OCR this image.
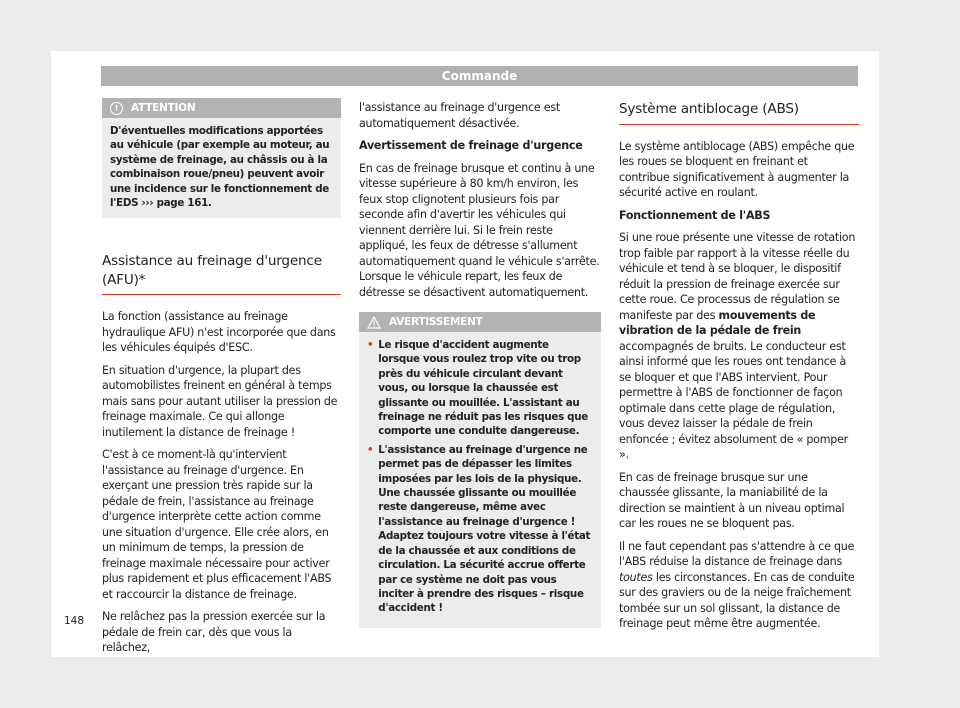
Commande
!	ATTENTION
D'éventuelles modifications apportées au véhicule (par exemple au moteur, au système de freinage, au châssis ou à la combinaison roue/pneu) peuvent avoir une incidence sur le fonctionnement de l'EDS ››› page 161.
Assistance au freinage d'urgence (AFU)*

La fonction (assistance au freinage hydraulique AFU) n'est incorporée que dans les véhicules équipés d'ESC.

En situation d'urgence, la plupart des automobilistes freinent en général à temps mais sans pour autant utiliser la pression de freinage maximale. Ce qui allonge inutilement la distance de freinage !

C'est à ce moment-là qu'intervient l'assistance au freinage d'urgence. En exerçant une pression très rapide sur la pédale de frein, l'assistance au freinage d'urgence interprète cette action comme une situation d'urgence. Elle crée alors, en un minimum de temps, la pression de freinage maximale nécessaire pour activer plus rapidement et plus efficacement l'ABS et raccourcir la distance de freinage.

Ne relâchez pas la pression exercée sur la pédale de frein car, dès que vous la relâchez,

l'assistance au freinage d'urgence est automatiquement désactivée.

Avertissement de freinage d'urgence

En cas de freinage brusque et continu à une vitesse supérieure à 80 km/h environ, les feux stop clignotent plusieurs fois par seconde afin d'avertir les véhicules qui viennent derrière lui. Si le frein reste appliqué, les feux de détresse s'allument automatiquement quand le véhicule s'arrête. Lorsque le véhicule repart, les feux de détresse se désactivent automatiquement.

AVERTISSEMENT
• Le risque d'accident augmente lorsque vous roulez trop vite ou trop près du véhicule circulant devant vous, ou lorsque la chaussée est glissante ou mouillée. L'assistant au freinage ne réduit pas les risques que comporte une conduite dangereuse.
• L'assistance au freinage d'urgence ne permet pas de dépasser les limites imposées par les lois de la physique. Une chaussée glissante ou mouillée reste dangereuse, même avec l'assistance au freinage d'urgence ! Adaptez toujours votre vitesse à l'état de la chaussée et aux conditions de circulation. La sécurité accrue offerte par ce système ne doit pas vous inciter à prendre des risques – risque d'accident !
Système antiblocage (ABS)

Le système antiblocage (ABS) empêche que les roues se bloquent en freinant et contribue significativement à augmenter la sécurité active en roulant.

Fonctionnement de l'ABS

Si une roue présente une vitesse de rotation trop faible par rapport à la vitesse réelle du véhicule et tend à se bloquer, le dispositif réduit la pression de freinage exercée sur cette roue. Ce processus de régulation se manifeste par des mouvements de vibration de la pédale de frein accompagnés de bruits. Le conducteur est ainsi informé que les roues ont tendance à se bloquer et que l'ABS intervient. Pour permettre à l'ABS de fonctionner de façon optimale dans cette plage de régulation, vous devez laisser la pédale de frein enfoncée ; évitez absolument de « pomper ».

En cas de freinage brusque sur une chaussée glissante, la maniabilité de la direction se maintient à un niveau optimal car les roues ne se bloquent pas.

Il ne faut cependant pas s'attendre à ce que l'ABS réduise la distance de freinage dans toutes les circonstances. En cas de conduite sur des graviers ou de la neige fraîchement tombée sur un sol glissant, la distance de freinage peut même être augmentée.

148
